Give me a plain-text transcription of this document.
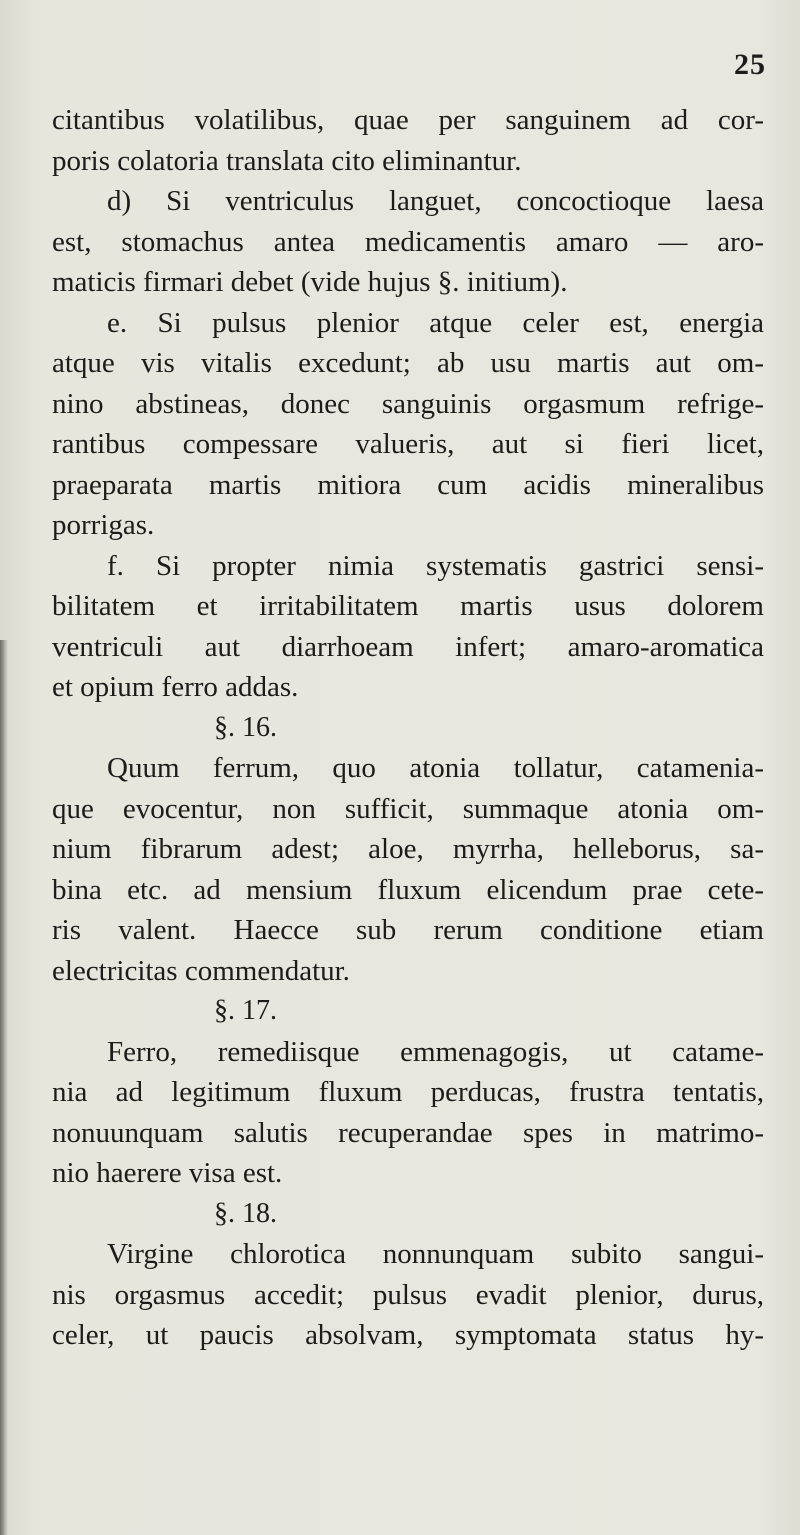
25
citantibus volatilibus, quae per sanguinem ad cor-
poris colatoria translata cito eliminantur.
d) Si ventriculus languet, concoctioque laesa
est, stomachus antea medicamentis amaro — aro-
maticis firmari debet (vide hujus §. initium).
e. Si pulsus plenior atque celer est, energia
atque vis vitalis excedunt; ab usu martis aut om-
nino abstineas, donec sanguinis orgasmum refrige-
rantibus compessare valueris, aut si fieri licet,
praeparata martis mitiora cum acidis mineralibus
porrigas.
f. Si propter nimia systematis gastrici sensi-
bilitatem et irritabilitatem martis usus dolorem
ventriculi aut diarrhoeam infert; amaro-aromatica
et opium ferro addas.
§. 16.
Quum ferrum, quo atonia tollatur, catamenia-
que evocentur, non sufficit, summaque atonia om-
nium fibrarum adest; aloe, myrrha, helleborus, sa-
bina etc. ad mensium fluxum elicendum prae cete-
ris valent. Haecce sub rerum conditione etiam
electricitas commendatur.
§. 17.
Ferro, remediisque emmenagogis, ut catame-
nia ad legitimum fluxum perducas, frustra tentatis,
nonuunquam salutis recuperandae spes in matrimo-
nio haerere visa est.
§. 18.
Virgine chlorotica nonnunquam subito sangui-
nis orgasmus accedit; pulsus evadit plenior, durus,
celer, ut paucis absolvam, symptomata status hy-
